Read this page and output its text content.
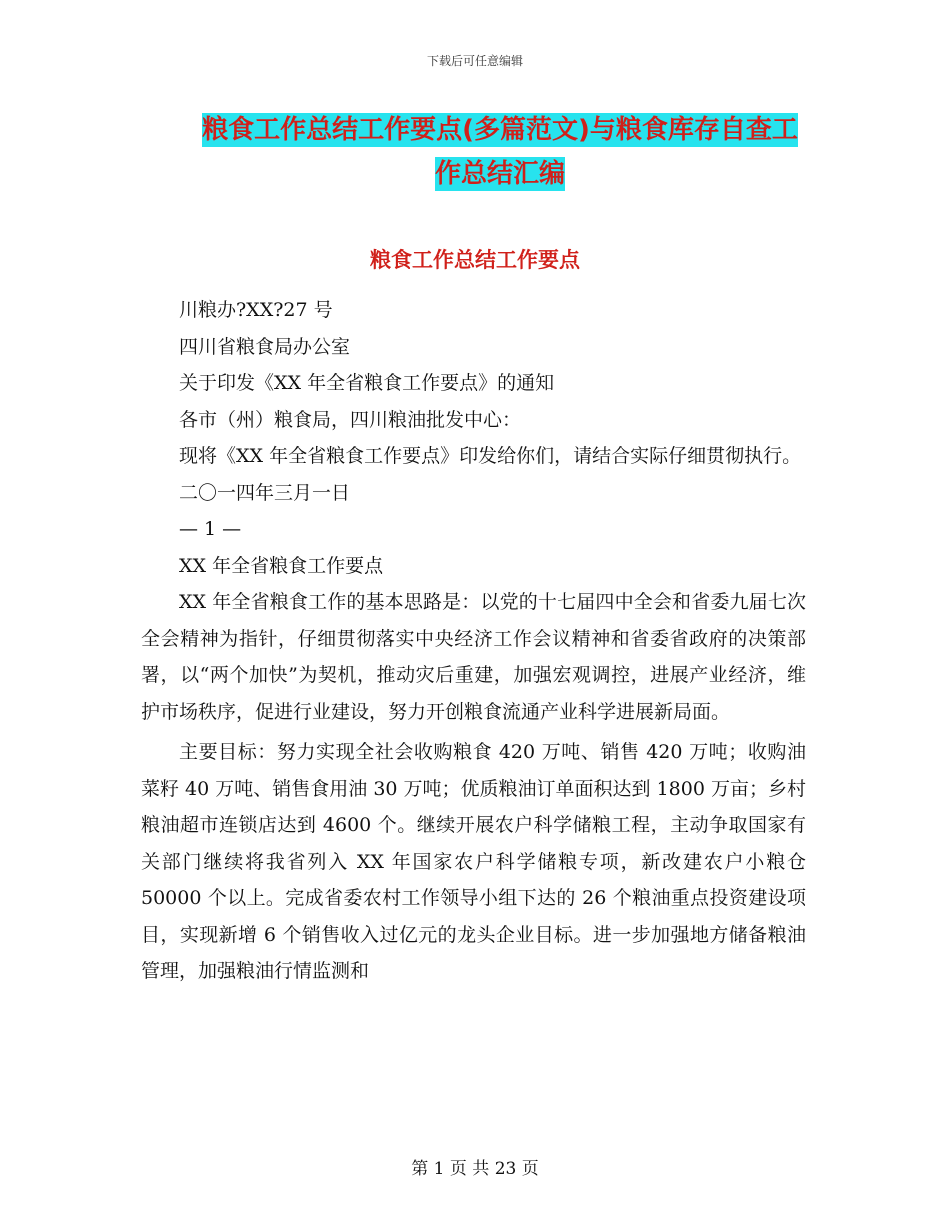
下载后可任意编辑
粮食工作总结工作要点(多篇范文)与粮食库存自查工
作总结汇编
粮食工作总结工作要点

川粮办?XX?27 号

四川省粮食局办公室

关于印发《XX 年全省粮食工作要点》的通知

各市（州）粮食局，四川粮油批发中心：

现将《XX 年全省粮食工作要点》印发给你们，请结合实际仔细贯彻执行。

二〇一四年三月一日

— 1 —

XX 年全省粮食工作要点

XX 年全省粮食工作的基本思路是：以党的十七届四中全会和省委九届七次全会精神为指针，仔细贯彻落实中央经济工作会议精神和省委省政府的决策部署，以“两个加快”为契机，推动灾后重建，加强宏观调控，进展产业经济，维护市场秩序，促进行业建设，努力开创粮食流通产业科学进展新局面。

主要目标：努力实现全社会收购粮食 420 万吨、销售 420 万吨；收购油菜籽 40 万吨、销售食用油 30 万吨；优质粮油订单面积达到 1800 万亩；乡村粮油超市连锁店达到 4600 个。继续开展农户科学储粮工程，主动争取国家有关部门继续将我省列入 XX 年国家农户科学储粮专项，新改建农户小粮仓 50000 个以上。完成省委农村工作领导小组下达的 26 个粮油重点投资建设项目，实现新增 6 个销售收入过亿元的龙头企业目标。进一步加强地方储备粮油管理，加强粮油行情监测和

第 1 页 共 23 页
